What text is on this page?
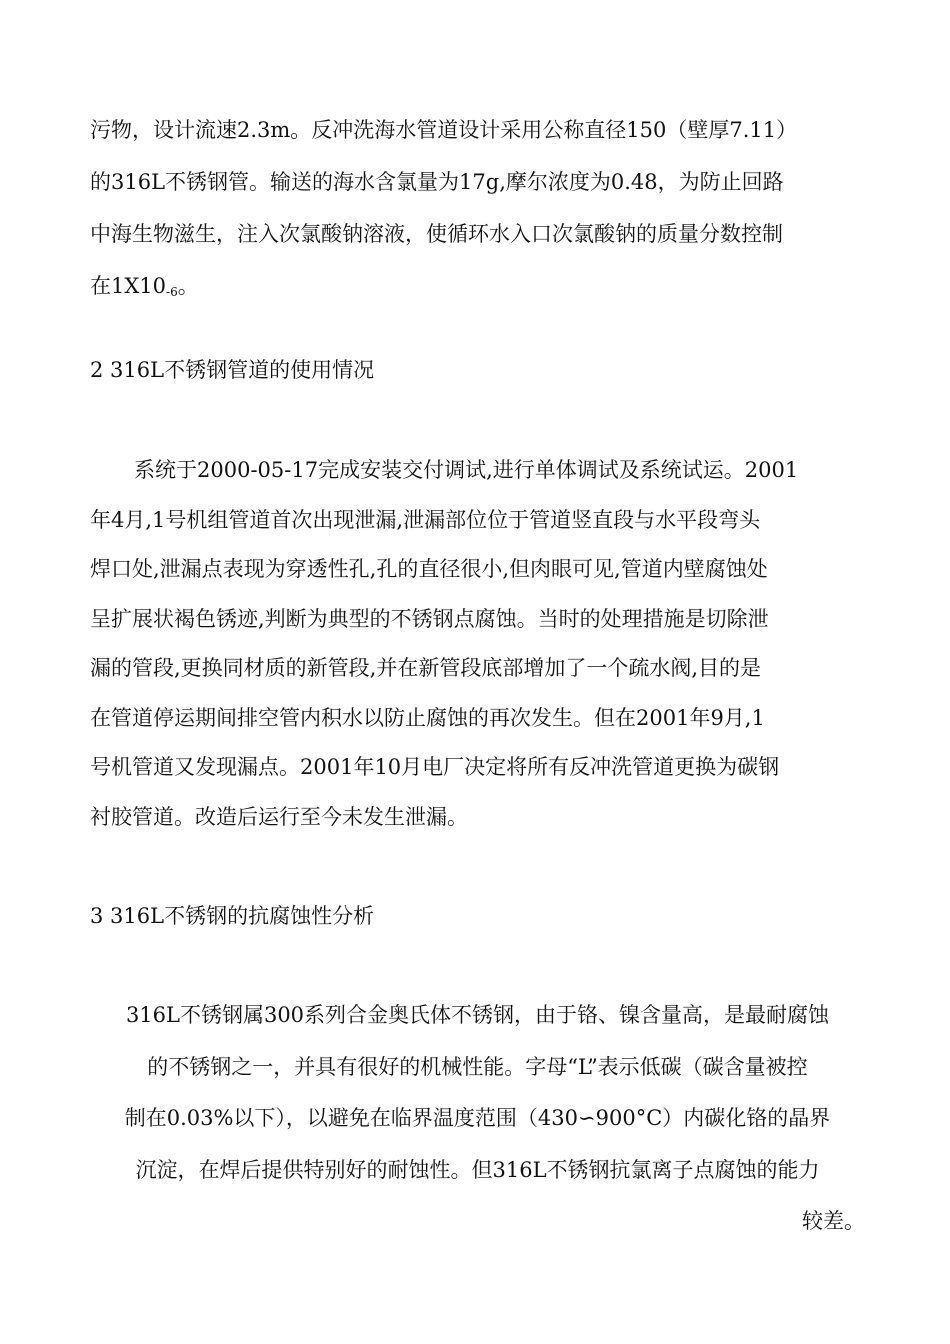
污物，设计流速2.3m。反冲洗海水管道设计采用公称直径150（壁厚7.11）
的316L不锈钢管。输送的海水含氯量为17g,摩尔浓度为0.48，为防止回路
中海生物滋生，注入次氯酸钠溶液，使循环水入口次氯酸钠的质量分数控制
在$1X10_{-6}$。
2 316L不锈钢管道的使用情况
系统于2000-05-17完成安装交付调试,进行单体调试及系统试运。2001
年4月,1号机组管道首次出现泄漏,泄漏部位位于管道竖直段与水平段弯头
焊口处,泄漏点表现为穿透性孔,孔的直径很小,但肉眼可见,管道内壁腐蚀处
呈扩展状褐色锈迹,判断为典型的不锈钢点腐蚀。当时的处理措施是切除泄
漏的管段,更换同材质的新管段,并在新管段底部增加了一个疏水阀,目的是
在管道停运期间排空管内积水以防止腐蚀的再次发生。但在2001年9月,1
号机管道又发现漏点。2001年10月电厂决定将所有反冲洗管道更换为碳钢
衬胶管道。改造后运行至今未发生泄漏。
3 316L不锈钢的抗腐蚀性分析
316L不锈钢属300系列合金奥氏体不锈钢，由于铬、镍含量高，是最耐腐蚀
的不锈钢之一，并具有很好的机械性能。字母“L”表示低碳（碳含量被控
制在0.03%以下），以避免在临界温度范围（430∽900°C）内碳化铬的晶界
沉淀，在焊后提供特别好的耐蚀性。但316L不锈钢抗氯离子点腐蚀的能力
较差。
